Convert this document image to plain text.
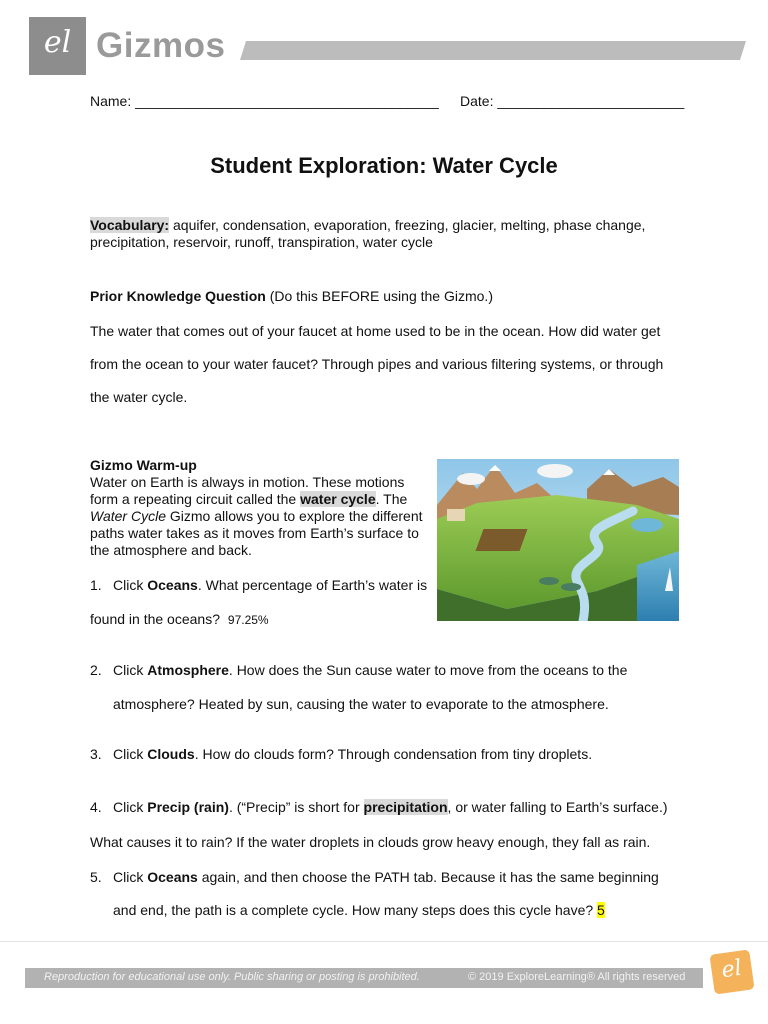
el Gizmos
Name: _______________________________________ Date: ________________________
Student Exploration: Water Cycle
Vocabulary: aquifer, condensation, evaporation, freezing, glacier, melting, phase change,
precipitation, reservoir, runoff, transpiration, water cycle
Prior Knowledge Question (Do this BEFORE using the Gizmo.)
The water that comes out of your faucet at home used to be in the ocean. How did water get
from the ocean to your water faucet? Through pipes and various filtering systems, or through
the water cycle.
Gizmo Warm-up
Water on Earth is always in motion. These motions
form a repeating circuit called the water cycle. The
Water Cycle Gizmo allows you to explore the different
paths water takes as it moves from Earth’s surface to
the atmosphere and back.
1. Click Oceans. What percentage of Earth’s water is
found in the oceans? 97.25%
2. Click Atmosphere. How does the Sun cause water to move from the oceans to the
atmosphere? Heated by sun, causing the water to evaporate to the atmosphere.
3. Click Clouds. How do clouds form? Through condensation from tiny droplets.
4. Click Precip (rain). (“Precip” is short for precipitation, or water falling to Earth’s surface.)
What causes it to rain? If the water droplets in clouds grow heavy enough, they fall as rain.
5. Click Oceans again, and then choose the PATH tab. Because it has the same beginning
and end, the path is a complete cycle. How many steps does this cycle have? 5
Reproduction for educational use only. Public sharing or posting is prohibited.	© 2019 ExploreLearning® All rights reserved	el
